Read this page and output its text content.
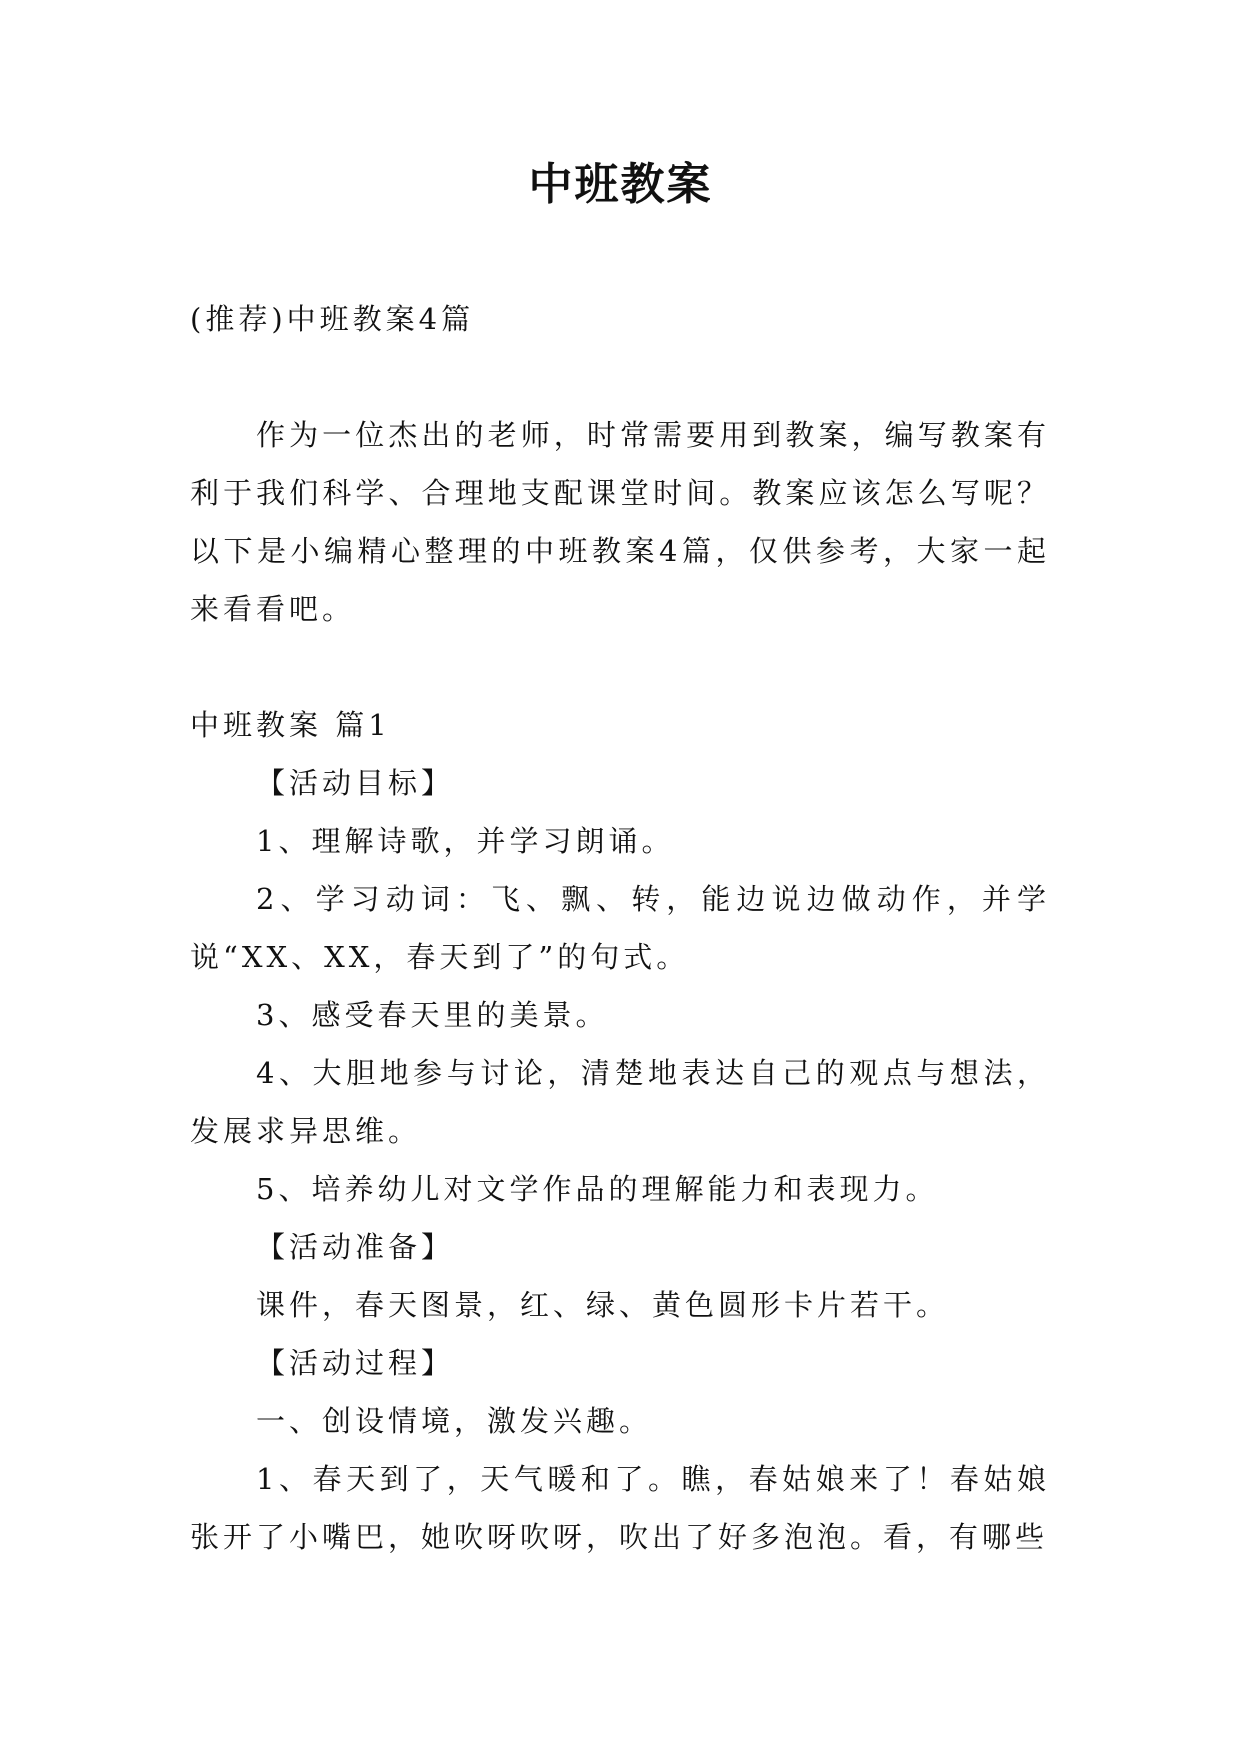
中班教案

(推荐)中班教案4篇

作为一位杰出的老师，时常需要用到教案，编写教案有利于我们科学、合理地支配课堂时间。教案应该怎么写呢？以下是小编精心整理的中班教案4篇，仅供参考，大家一起来看看吧。

中班教案 篇1

【活动目标】

1、理解诗歌，并学习朗诵。

2、学习动词：飞、飘、转，能边说边做动作，并学说“XX、XX，春天到了”的句式。

3、感受春天里的美景。

4、大胆地参与讨论，清楚地表达自己的观点与想法，发展求异思维。

5、培养幼儿对文学作品的理解能力和表现力。

【活动准备】

课件，春天图景，红、绿、黄色圆形卡片若干。

【活动过程】

一、创设情境，激发兴趣。

1、春天到了，天气暖和了。瞧，春姑娘来了！春姑娘张开了小嘴巴，她吹呀吹呀，吹出了好多泡泡。看，有哪些
